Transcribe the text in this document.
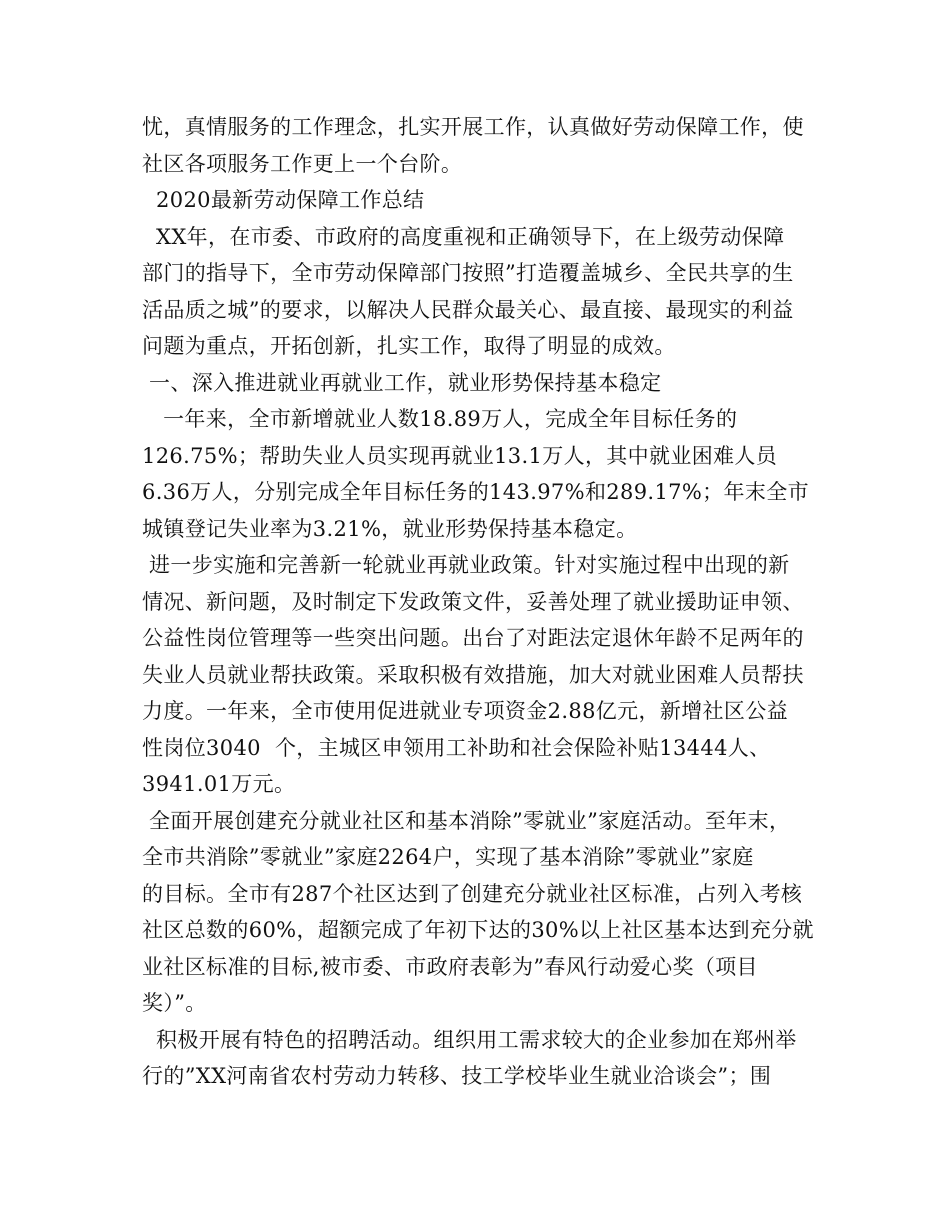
忧，真情服务的工作理念，扎实开展工作，认真做好劳动保障工作，使
社区各项服务工作更上一个台阶。
2020最新劳动保障工作总结
XX年，在市委、市政府的高度重视和正确领导下，在上级劳动保障
部门的指导下，全市劳动保障部门按照”打造覆盖城乡、全民共享的生
活品质之城”的要求，以解决人民群众最关心、最直接、最现实的利益
问题为重点，开拓创新，扎实工作，取得了明显的成效。
一、深入推进就业再就业工作，就业形势保持基本稳定
一年来，全市新增就业人数18.89万人，完成全年目标任务的
126.75%；帮助失业人员实现再就业13.1万人，其中就业困难人员
6.36万人，分别完成全年目标任务的143.97%和289.17%；年末全市
城镇登记失业率为3.21%，就业形势保持基本稳定。
进一步实施和完善新一轮就业再就业政策。针对实施过程中出现的新
情况、新问题，及时制定下发政策文件，妥善处理了就业援助证申领、
公益性岗位管理等一些突出问题。出台了对距法定退休年龄不足两年的
失业人员就业帮扶政策。采取积极有效措施，加大对就业困难人员帮扶
力度。一年来，全市使用促进就业专项资金2.88亿元，新增社区公益
性岗位3040  个，主城区申领用工补助和社会保险补贴13444人、
3941.01万元。
全面开展创建充分就业社区和基本消除”零就业”家庭活动。至年末，
全市共消除”零就业”家庭2264户，实现了基本消除”零就业”家庭
的目标。全市有287个社区达到了创建充分就业社区标准，占列入考核
社区总数的60%，超额完成了年初下达的30%以上社区基本达到充分就
业社区标准的目标,被市委、市政府表彰为”春风行动爱心奖（项目
奖）”。
积极开展有特色的招聘活动。组织用工需求较大的企业参加在郑州举
行的”XX河南省农村劳动力转移、技工学校毕业生就业洽谈会”；围
